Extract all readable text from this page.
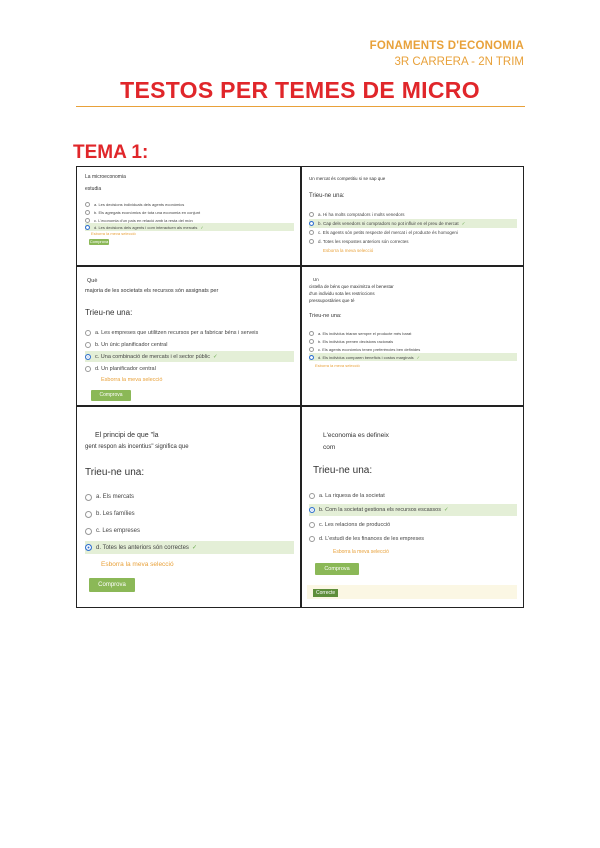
FONAMENTS D'ECONOMIA
3R CARRERA - 2N TRIM
TESTOS PER TEMES DE MICRO
TEMA 1:
La microeconomia
estudia
a. Les decisions individuals dels agents econòmics
b. Els agregats econòmics de tota una economia en conjunt
c. L'economia d'un país en relació amb la resta del món
d. Les decisions dels agents i com interactuen als mercats ✓
Esborra la meva selecció
Comprova
Un mercat és competitiu si se sap que
Trieu-ne una:
a. Hi ha molts compradors i molts venedors
b. Cap dels venedors ni compradors no pot influir en el preu de mercat ✓
c. Els agents són petits respecte del mercat i el producte és homogeni
d. Totes les respostes anteriors són correctes
Esborra la meva selecció
Què
majoria de les societats els recursos són assignats per
Trieu-ne una:
a. Les empreses que utilitzen recursos per a fabricar béns i serveis
b. Un únic planificador central
c. Una combinació de mercats i el sector públic ✓
d. Un planificador central
Esborra la meva selecció
Comprova
Un
cistella de béns que maximitza el benestar
d'un individu sota les restriccions
pressupostàries que té
Trieu-ne una:
a. Els individus triaran sempre el producte més barat
b. Els individus prenen decisions racionals
c. Els agents econòmics tenen preferències ben definides
d. Els individus comparen beneficis i costos marginals ✓
Esborra la meva selecció
El principi de que "la
gent respon als incentius" significa que
Trieu-ne una:
a. Els mercats
b. Les famílies
c. Les empreses
d. Totes les anteriors són correctes ✓
Esborra la meva selecció
Comprova
L'economia es defineix
com
Trieu-ne una:
a. La riquesa de la societat
b. Com la societat gestiona els recursos escassos ✓
c. Les relacions de producció
d. L'estudi de les finances de les empreses
Esborra la meva selecció
Comprova
Correcte
